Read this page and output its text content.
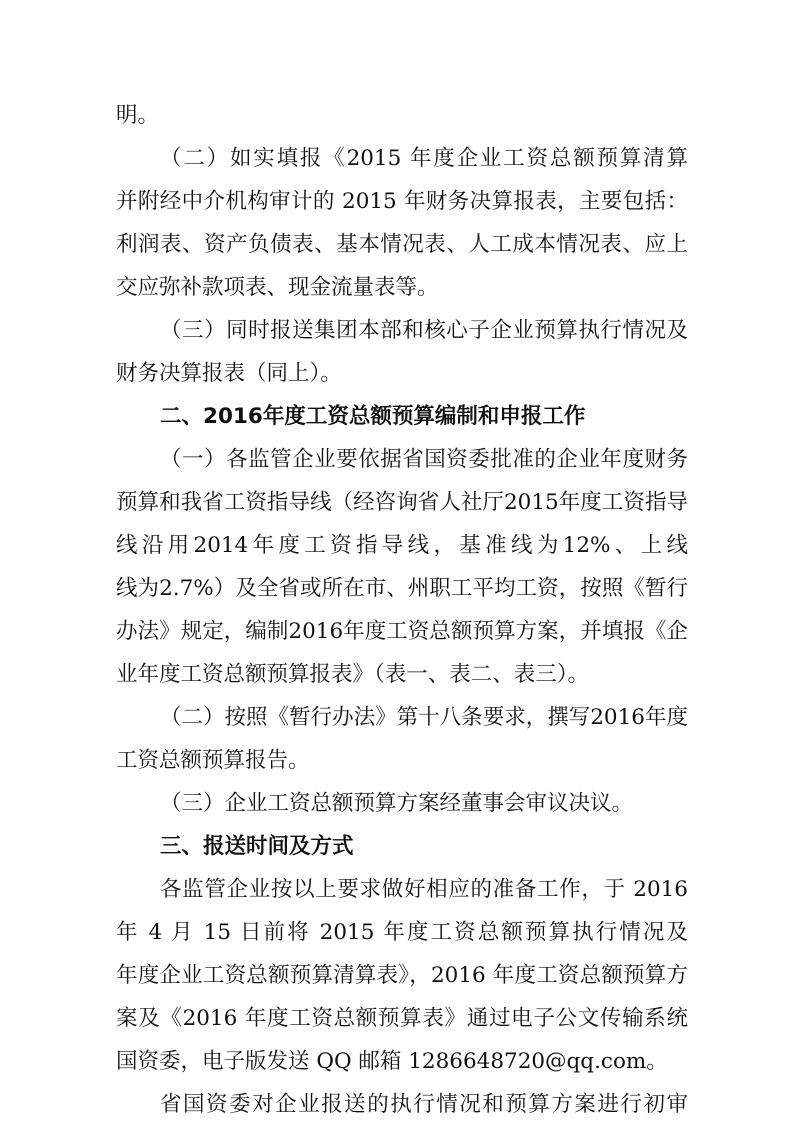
明。
（二）如实填报《2015 年度企业工资总额预算清算
并附经中介机构审计的 2015 年财务决算报表，主要包括：
利润表、资产负债表、基本情况表、人工成本情况表、应上
交应弥补款项表、现金流量表等。
（三）同时报送集团本部和核心子企业预算执行情况及
财务决算报表（同上）。
二、2016年度工资总额预算编制和申报工作
（一）各监管企业要依据省国资委批准的企业年度财务
预算和我省工资指导线（经咨询省人社厅2015年度工资指导
线沿用2014年度工资指导线，基准线为12%、上线
线为2.7%）及全省或所在市、州职工平均工资，按照《暂行
办法》规定，编制2016年度工资总额预算方案，并填报《企
业年度工资总额预算报表》（表一、表二、表三）。
（二）按照《暂行办法》第十八条要求，撰写2016年度
工资总额预算报告。
（三）企业工资总额预算方案经董事会审议决议。
三、报送时间及方式
各监管企业按以上要求做好相应的准备工作，于 2016
年 4 月 15 日前将 2015 年度工资总额预算执行情况及
年度企业工资总额预算清算表》，2016 年度工资总额预算方
案及《2016 年度工资总额预算表》通过电子公文传输系统
国资委，电子版发送 QQ 邮箱 1286648720@qq.com。
省国资委对企业报送的执行情况和预算方案进行初审
